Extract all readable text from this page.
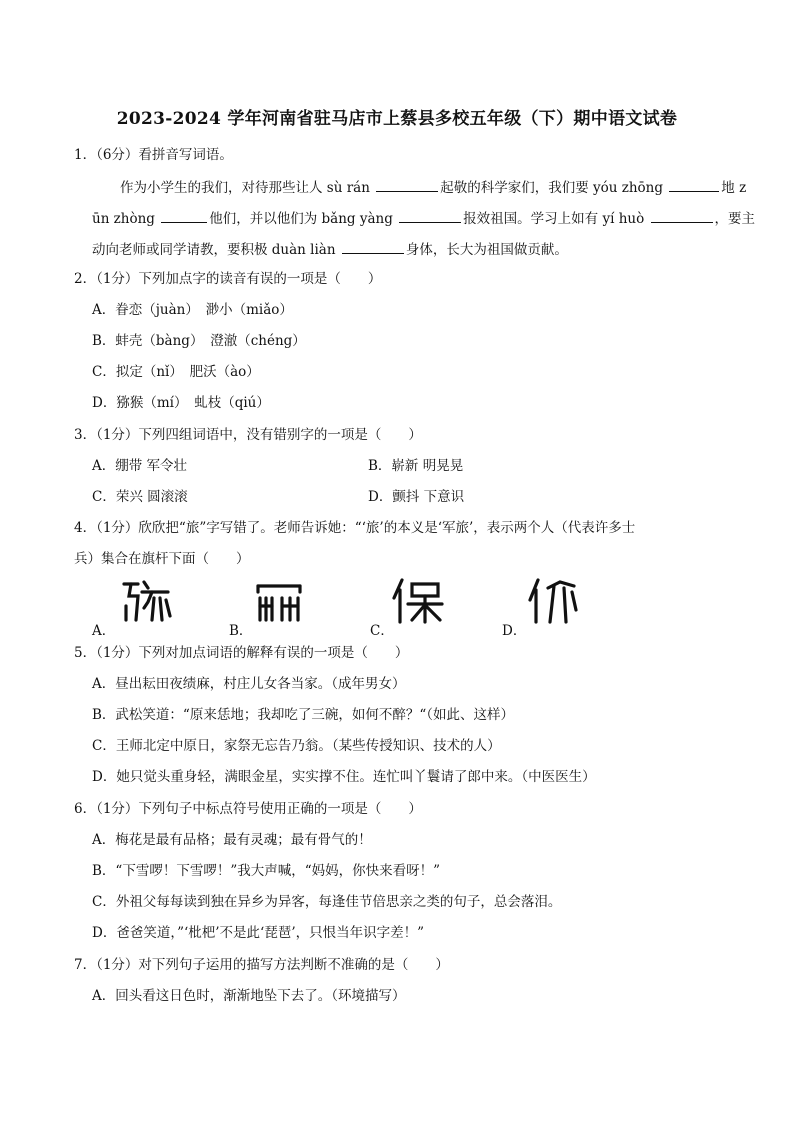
2023-2024 学年河南省驻马店市上蔡县多校五年级（下）期中语文试卷
1．（6分）看拼音写词语。
作为小学生的我们，对待那些让人 sù rán	起敬的科学家们，我们要 yóu zhōng	地 z
ūn zhòng	他们，并以他们为 bǎng yàng	报效祖国。学习上如有 yí huò	，要主
动向老师或同学请教，要积极 duàn liàn	身体，长大为祖国做贡献。
2．（1分）下列加点字的读音有误的一项是（　　）
A．眷恋（juàn）　渺小（miǎo）
B．蚌壳（bàng）　澄澈（chéng）
C．拟定（nǐ）　肥沃（ào）
D．猕猴（mí）　虬枝（qiú）
3．（1分）下列四组词语中，没有错别字的一项是（　　）
A．绷带 军令壮	B．崭新 明晃晃
C．荣兴 圆滚滚	D．颤抖 下意识
4．（1分）欣欣把“旅”字写错了。老师告诉她：“‘旅’的本义是‘军旅’，表示两个人（代表许多士
兵）集合在旗杆下面（　　）
A．	B．	C．	D．
5．（1分）下列对加点词语的解释有误的一项是（　　）
A．昼出耘田夜绩麻，村庄儿女各当家。（成年男女）
B．武松笑道：“原来恁地；我却吃了三碗，如何不醉？“（如此、这样）
C．王师北定中原日，家祭无忘告乃翁。（某些传授知识、技术的人）
D．她只觉头重身轻，满眼金星，实实撑不住。连忙叫丫鬟请了郎中来。（中医医生）
6．（1分）下列句子中标点符号使用正确的一项是（　　）
A．梅花是最有品格；最有灵魂；最有骨气的！
B．“下雪啰！下雪啰！”我大声喊，“妈妈，你快来看呀！”
C．外祖父每每读到独在异乡为异客，每逢佳节倍思亲之类的句子，总会落泪。
D．爸爸笑道，”‘枇杷’不是此‘琵琶’，只恨当年识字差！”
7．（1分）对下列句子运用的描写方法判断不准确的是（　　）
A．回头看这日色时，渐渐地坠下去了。（环境描写）
